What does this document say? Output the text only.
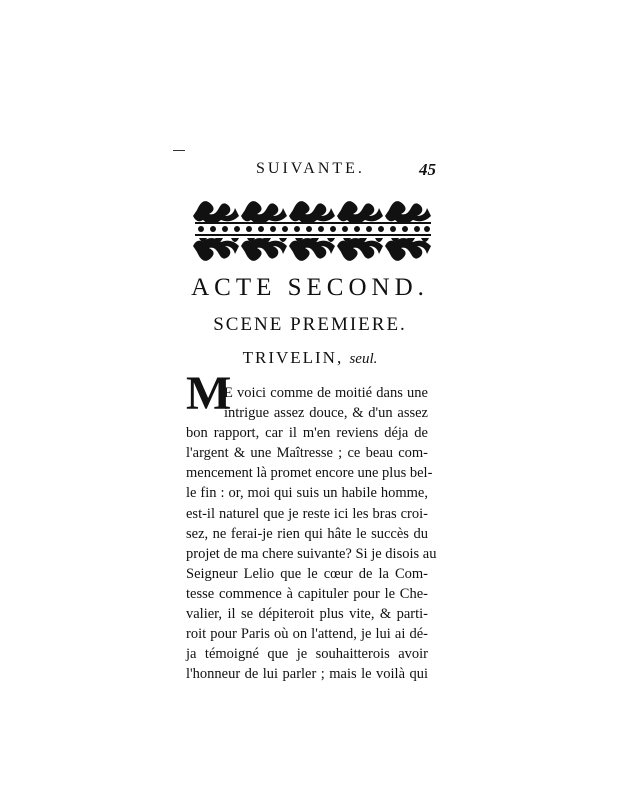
SUIVANTE.	45
ACTE SECOND.
SCENE PREMIERE.
TRIVELIN, seul.
M
E voici comme de moitié dans une
intrigue assez douce, & d'un assez
bon rapport, car il m'en reviens déja de
l'argent & une Maîtresse ; ce beau com-
mencement là promet encore une plus bel-
le fin : or, moi qui suis un habile homme,
est-il naturel que je reste ici les bras croi-
sez, ne ferai-je rien qui hâte le succès du
projet de ma chere suivante? Si je disois au
Seigneur Lelio que le cœur de la Com-
tesse commence à capituler pour le Che-
valier, il se dépiteroit plus vite, & parti-
roit pour Paris où on l'attend, je lui ai dé-
ja témoigné que je souhaitterois avoir
l'honneur de lui parler ; mais le voilà qui
